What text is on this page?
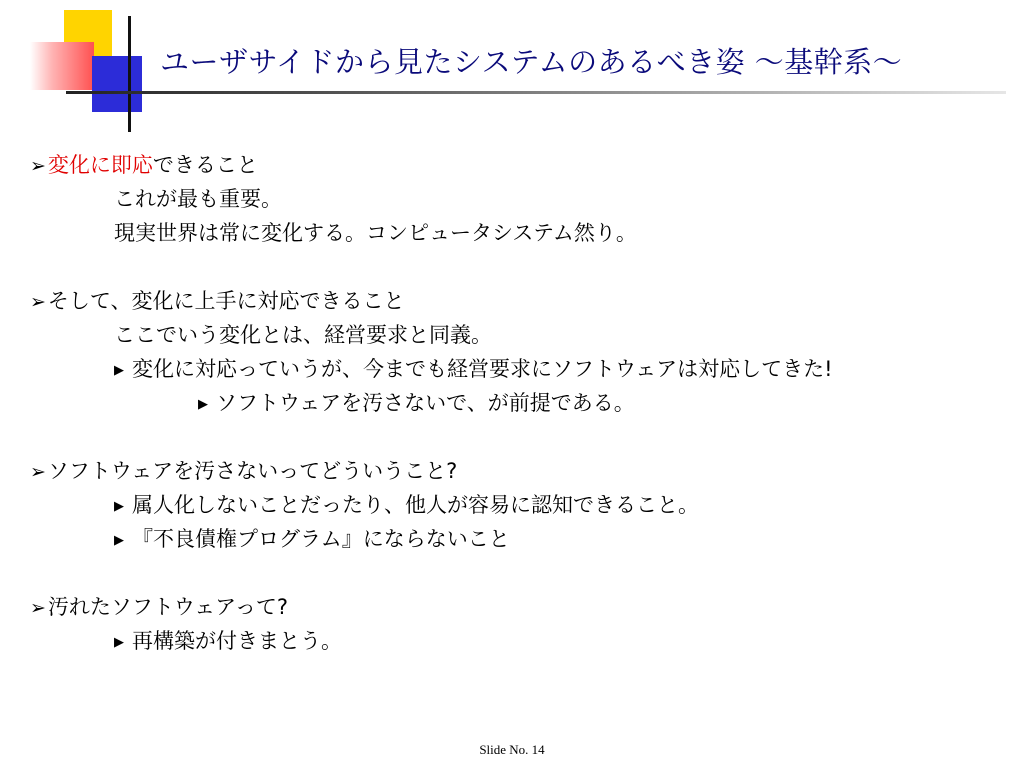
ユーザサイドから見たシステムのあるべき姿 〜基幹系〜
➢変化に即応できること
これが最も重要。
現実世界は常に変化する。コンピュータシステム然り。
➢そして、変化に上手に対応できること
ここでいう変化とは、経営要求と同義。
▶ 変化に対応っていうが、今までも経営要求にソフトウェアは対応してきた!
▶ ソフトウェアを汚さないで、が前提である。
➢ソフトウェアを汚さないってどういうこと?
▶ 属人化しないことだったり、他人が容易に認知できること。
▶ 『不良債権プログラム』にならないこと
➢汚れたソフトウェアって?
▶ 再構築が付きまとう。
Slide No. 14
